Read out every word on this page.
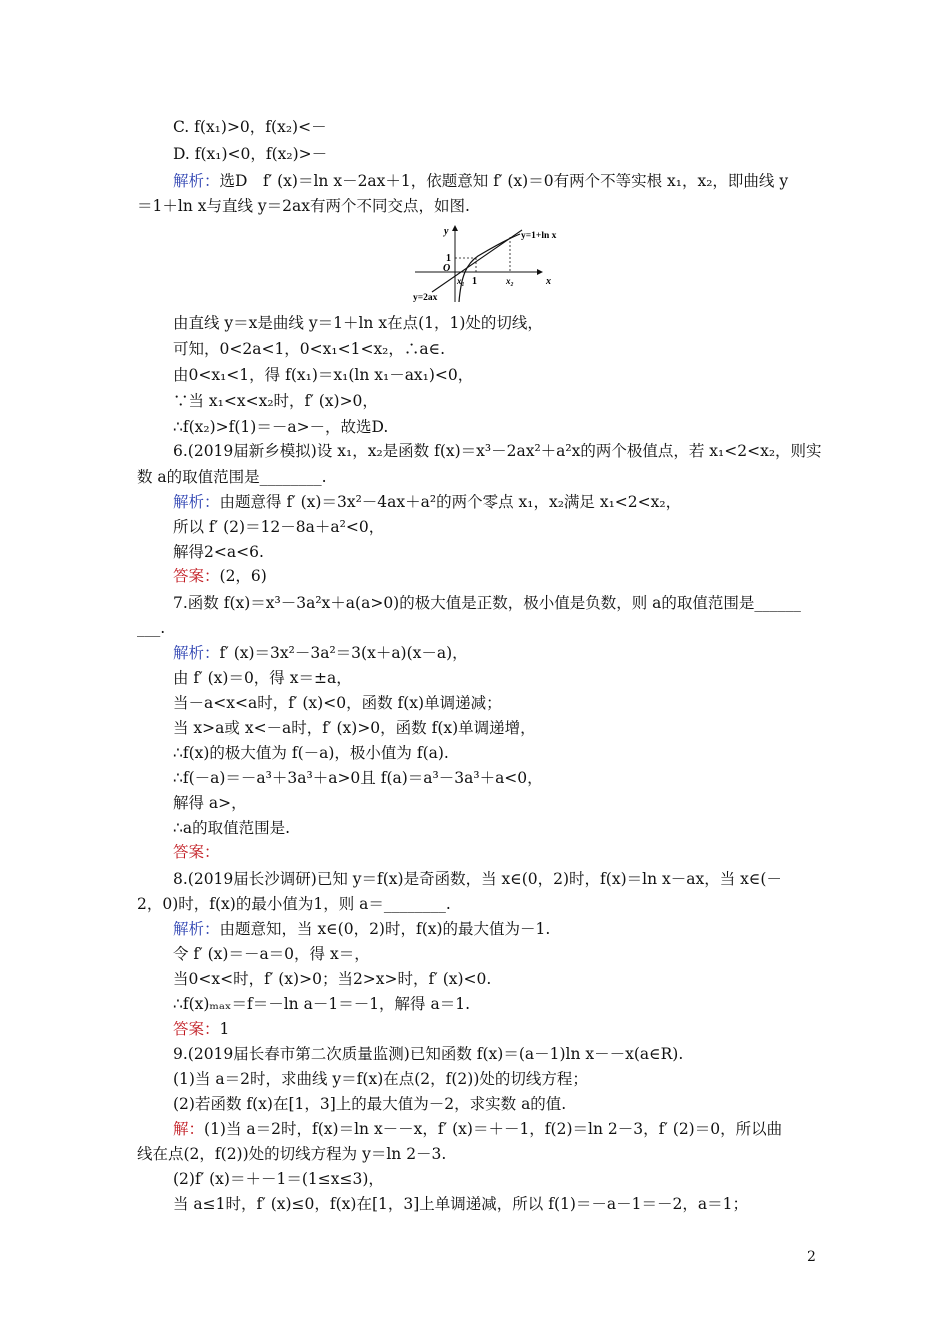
C. f(x₁)>0，f(x₂)<－
D. f(x₁)<0，f(x₂)>－
解析：选D　f′ (x)＝ln x－2ax＋1，依题意知 f′ (x)＝0有两个不等实根 x₁，x₂，即曲线 y
＝1＋ln x与直线 y＝2ax有两个不同交点，如图.
由直线 y＝x是曲线 y＝1＋ln x在点(1，1)处的切线，
可知，0<2a<1，0<x₁<1<x₂，∴a∈.
由0<x₁<1，得 f(x₁)＝x₁(ln x₁－ax₁)<0，
∵当 x₁<x<x₂时，f′ (x)>0，
∴f(x₂)>f(1)＝－a>－，故选D.
6.(2019届新乡模拟)设 x₁，x₂是函数 f(x)＝x³－2ax²＋a²x的两个极值点，若 x₁<2<x₂，则实
数 a的取值范围是________.
解析：由题意得 f′ (x)＝3x²－4ax＋a²的两个零点 x₁，x₂满足 x₁<2<x₂，
所以 f′ (2)＝12－8a＋a²<0，
解得2<a<6.
答案：(2，6)
7.函数 f(x)＝x³－3a²x＋a(a>0)的极大值是正数，极小值是负数，则 a的取值范围是______
___.
解析：f′ (x)＝3x²－3a²＝3(x＋a)(x－a)，
由 f′ (x)＝0，得 x＝±a，
当－a<x<a时，f′ (x)<0，函数 f(x)单调递减；
当 x>a或 x<－a时，f′ (x)>0，函数 f(x)单调递增，
∴f(x)的极大值为 f(－a)，极小值为 f(a).
∴f(－a)＝－a³＋3a³＋a>0且 f(a)＝a³－3a³＋a<0，
解得 a>，
∴a的取值范围是.
答案：
8.(2019届长沙调研)已知 y＝f(x)是奇函数，当 x∈(0，2)时，f(x)＝ln x－ax，当 x∈(－
2，0)时，f(x)的最小值为1，则 a＝________.
解析：由题意知，当 x∈(0，2)时，f(x)的最大值为－1.
令 f′ (x)＝－a＝0，得 x＝，
当0<x<时，f′ (x)>0；当2>x>时，f′ (x)<0.
∴f(x)ₘₐₓ＝f＝－ln a－1＝－1，解得 a＝1.
答案：1
9.(2019届长春市第二次质量监测)已知函数 f(x)＝(a－1)ln x－－x(a∈R).
(1)当 a＝2时，求曲线 y＝f(x)在点(2，f(2))处的切线方程；
(2)若函数 f(x)在[1，3]上的最大值为－2，求实数 a的值.
解：(1)当 a＝2时，f(x)＝ln x－－x，f′ (x)＝＋－1，f(2)＝ln 2－3，f′ (2)＝0，所以曲
线在点(2，f(2))处的切线方程为 y＝ln 2－3.
(2)f′ (x)＝＋－1＝(1≤x≤3)，
当 a≤1时，f′ (x)≤0，f(x)在[1，3]上单调递减，所以 f(1)＝－a－1＝－2，a＝1；
y
x
y=1+ln x
y=2ax
1
O
x₁ 1	x₂
2
